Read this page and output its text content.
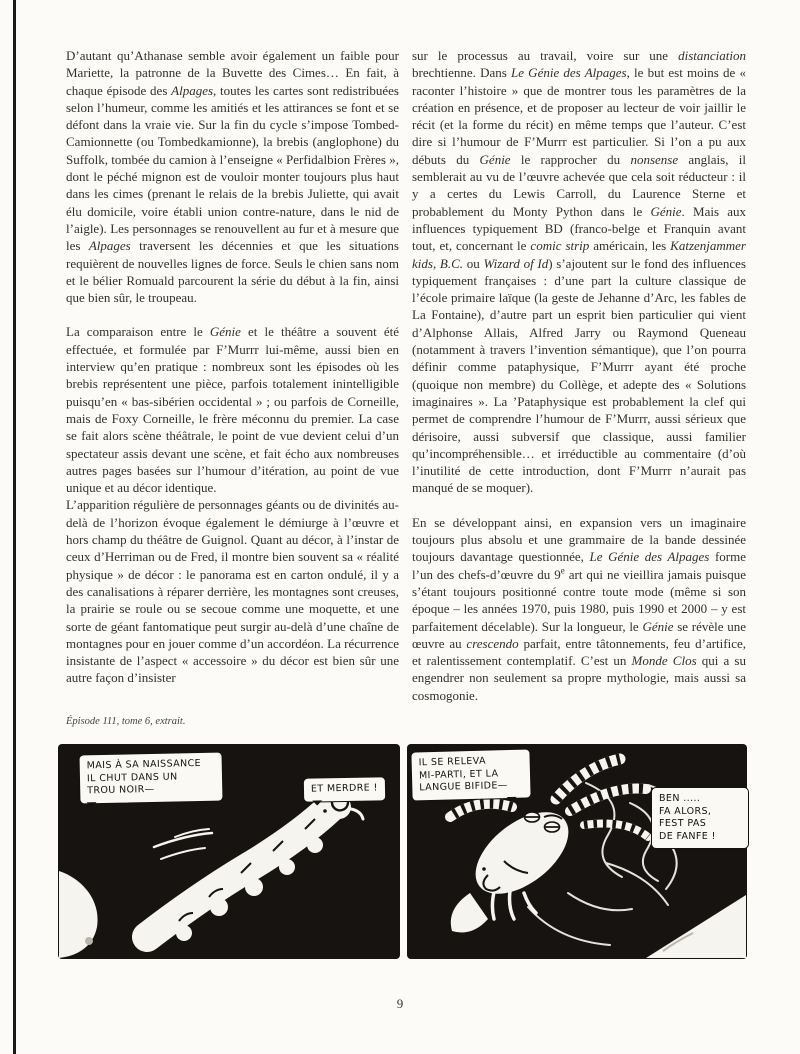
D’autant qu’Athanase semble avoir également un faible pour Mariette, la patronne de la Buvette des Cimes… En fait, à chaque épisode des Alpages, toutes les cartes sont redistribuées selon l’humeur, comme les amitiés et les attirances se font et se défont dans la vraie vie. Sur la fin du cycle s’impose Tombed-Camionnette (ou Tombedkamionne), la brebis (anglophone) du Suffolk, tombée du camion à l’enseigne « Perfidalbion Frères », dont le péché mignon est de vouloir monter toujours plus haut dans les cimes (prenant le relais de la brebis Juliette, qui avait élu domicile, voire établi union contre-nature, dans le nid de l’aigle). Les personnages se renouvellent au fur et à mesure que les Alpages traversent les décennies et que les situations requièrent de nouvelles lignes de force. Seuls le chien sans nom et le bélier Romuald parcourent la série du début à la fin, ainsi que bien sûr, le troupeau.

La comparaison entre le Génie et le théâtre a souvent été effectuée, et formulée par F’Murrr lui-même, aussi bien en interview qu’en pratique : nombreux sont les épisodes où les brebis représentent une pièce, parfois totalement inintelligible puisqu’en « bas-sibérien occidental » ; ou parfois de Corneille, mais de Foxy Corneille, le frère méconnu du premier. La case se fait alors scène théâtrale, le point de vue devient celui d’un spectateur assis devant une scène, et fait écho aux nombreuses autres pages basées sur l’humour d’itération, au point de vue unique et au décor identique.

L’apparition régulière de personnages géants ou de divinités au-delà de l’horizon évoque également le démiurge à l’œuvre et hors champ du théâtre de Guignol. Quant au décor, à l’instar de ceux d’Herriman ou de Fred, il montre bien souvent sa « réalité physique » de décor : le panorama est en carton ondulé, il y a des canalisations à réparer derrière, les montagnes sont creuses, la prairie se roule ou se secoue comme une moquette, et une sorte de géant fantomatique peut surgir au-delà d’une chaîne de montagnes pour en jouer comme d’un accordéon. La récurrence insistante de l’aspect « accessoire » du décor est bien sûr une autre façon d’insister

sur le processus au travail, voire sur une distanciation brechtienne. Dans Le Génie des Alpages, le but est moins de « raconter l’histoire » que de montrer tous les paramètres de la création en présence, et de proposer au lecteur de voir jaillir le récit (et la forme du récit) en même temps que l’auteur. C’est dire si l’humour de F’Murrr est particulier. Si l’on a pu aux débuts du Génie le rapprocher du nonsense anglais, il semblerait au vu de l’œuvre achevée que cela soit réducteur : il y a certes du Lewis Carroll, du Laurence Sterne et probablement du Monty Python dans le Génie. Mais aux influences typiquement BD (franco-belge et Franquin avant tout, et, concernant le comic strip américain, les Katzenjammer kids, B.C. ou Wizard of Id) s’ajoutent sur le fond des influences typiquement françaises : d’une part la culture classique de l’école primaire laïque (la geste de Jehanne d’Arc, les fables de La Fontaine), d’autre part un esprit bien particulier qui vient d’Alphonse Allais, Alfred Jarry ou Raymond Queneau (notamment à travers l’invention sémantique), que l’on pourra définir comme pataphysique, F’Murrr ayant été proche (quoique non membre) du Collège, et adepte des « Solutions imaginaires ». La ’Pataphysique est probablement la clef qui permet de comprendre l’humour de F’Murrr, aussi sérieux que dérisoire, aussi subversif que classique, aussi familier qu’incompréhensible… et irréductible au commentaire (d’où l’inutilité de cette introduction, dont F’Murrr n’aurait pas manqué de se moquer).

En se développant ainsi, en expansion vers un imaginaire toujours plus absolu et une grammaire de la bande dessinée toujours davantage questionnée, Le Génie des Alpages forme l’un des chefs-d’œuvre du 9e art qui ne vieillira jamais puisque s’étant toujours positionné contre toute mode (même si son époque – les années 1970, puis 1980, puis 1990 et 2000 – y est parfaitement décelable). Sur la longueur, le Génie se révèle une œuvre au crescendo parfait, entre tâtonnements, feu d’artifice, et ralentissement contemplatif. C’est un Monde Clos qui a su engendrer non seulement sa propre mythologie, mais aussi sa cosmogonie.

Épisode 111, tome 6, extrait.
MAIS À SA NAISSANCE
IL CHUT DANS UN
TROU NOIR—	ET MERDRE !
IL SE RELEVA
MI-PARTI, ET LA
LANGUE BIFIDE—
BEN .....
FA ALORS,
FEST PAS
DE FANFE !
9
